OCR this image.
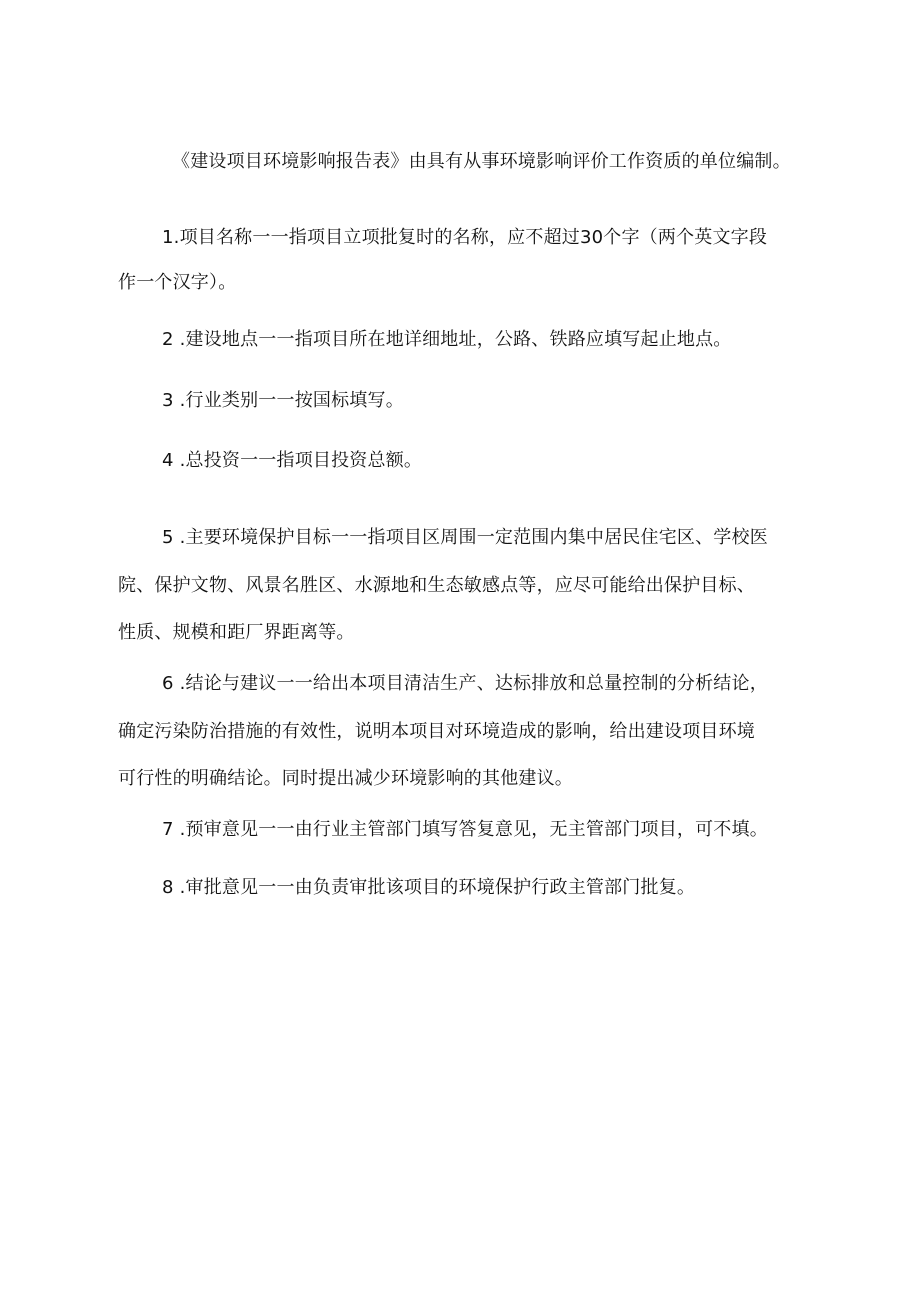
《建设项目环境影响报告表》由具有从事环境影响评价工作资质的单位编制。
1.项目名称一一指项目立项批复时的名称，应不超过30个字（两个英文字段
作一个汉字）。
2 .建设地点一一指项目所在地详细地址，公路、铁路应填写起止地点。
3 .行业类别一一按国标填写。
4 .总投资一一指项目投资总额。
5 .主要环境保护目标一一指项目区周围一定范围内集中居民住宅区、学校医
院、保护文物、风景名胜区、水源地和生态敏感点等，应尽可能给出保护目标、
性质、规模和距厂界距离等。
6 .结论与建议一一给出本项目清洁生产、达标排放和总量控制的分析结论，
确定污染防治措施的有效性，说明本项目对环境造成的影响，给出建设项目环境
可行性的明确结论。同时提出减少环境影响的其他建议。
7 .预审意见一一由行业主管部门填写答复意见，无主管部门项目，可不填。
8 .审批意见一一由负责审批该项目的环境保护行政主管部门批复。
